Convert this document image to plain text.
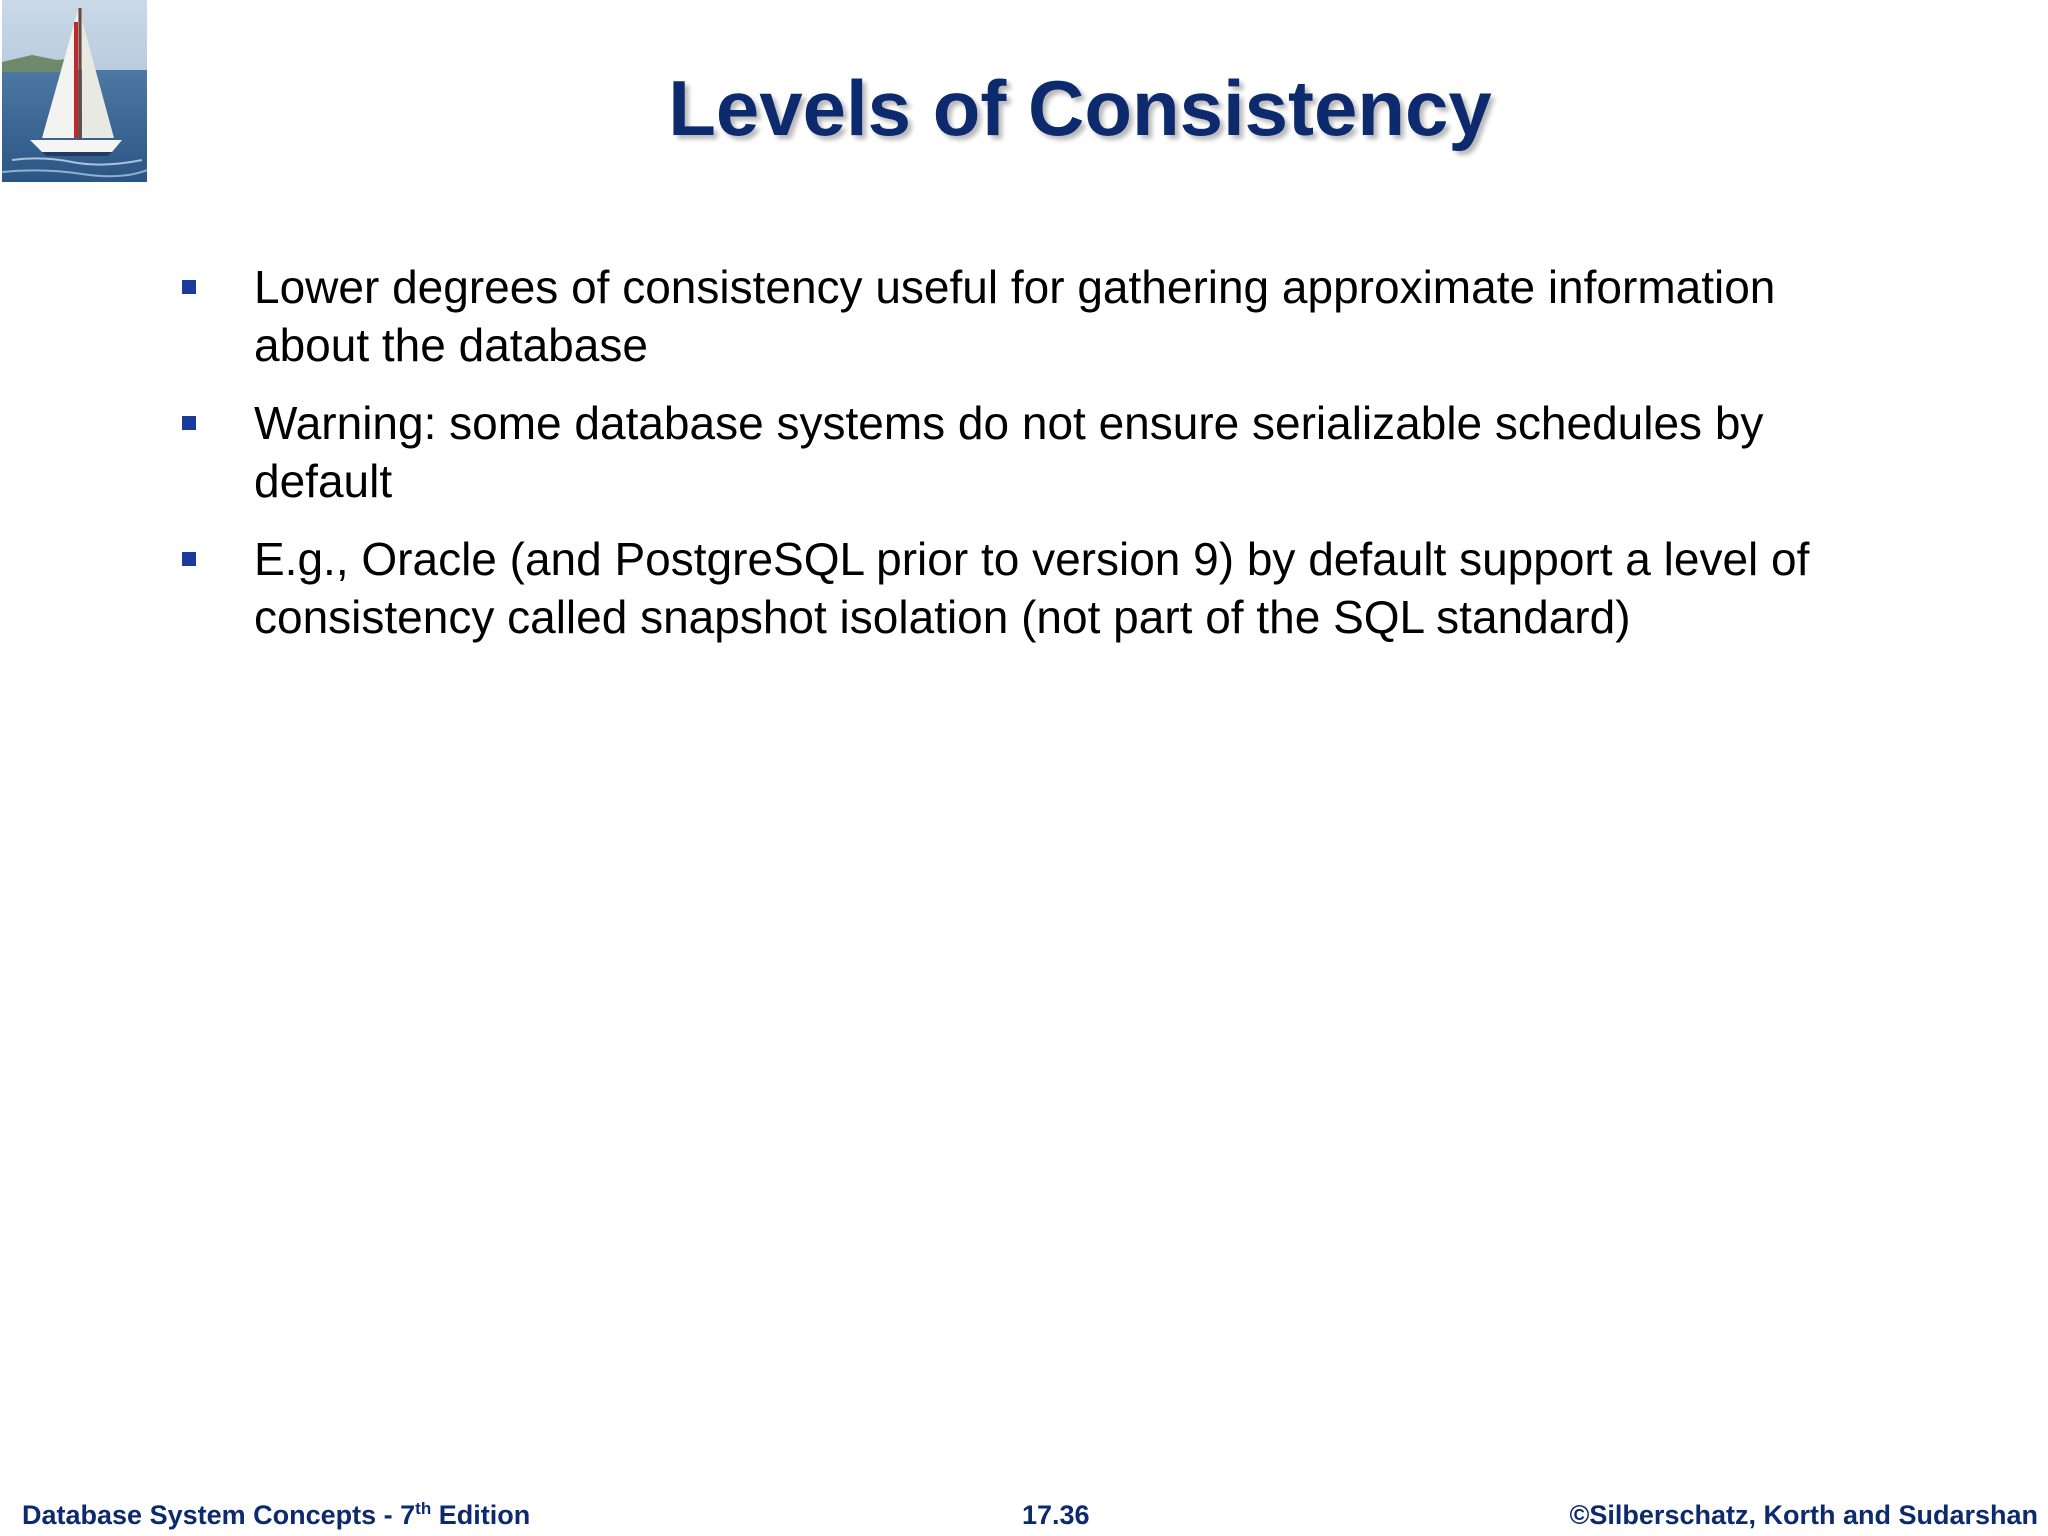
Levels of Consistency
Lower degrees of consistency useful for gathering approximate information about the database
Warning: some database systems do not ensure serializable schedules by default
E.g., Oracle (and PostgreSQL prior to version 9) by default support a level of consistency called snapshot isolation (not part of the SQL standard)
Database System Concepts - 7th Edition	17.36	©Silberschatz, Korth and Sudarshan
